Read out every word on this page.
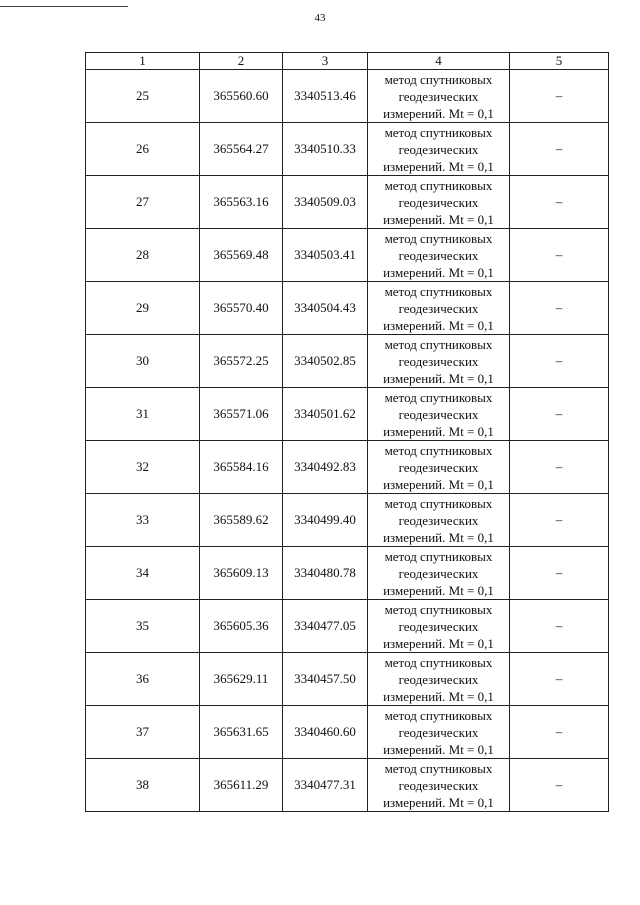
43
1	2	3	4	5
25	365560.60	3340513.46	метод спутниковых
геодезических
измерений. Mt = 0,1	–
26	365564.27	3340510.33	метод спутниковых
геодезических
измерений. Mt = 0,1	–
27	365563.16	3340509.03	метод спутниковых
геодезических
измерений. Mt = 0,1	–
28	365569.48	3340503.41	метод спутниковых
геодезических
измерений. Mt = 0,1	–
29	365570.40	3340504.43	метод спутниковых
геодезических
измерений. Mt = 0,1	–
30	365572.25	3340502.85	метод спутниковых
геодезических
измерений. Mt = 0,1	–
31	365571.06	3340501.62	метод спутниковых
геодезических
измерений. Mt = 0,1	–
32	365584.16	3340492.83	метод спутниковых
геодезических
измерений. Mt = 0,1	–
33	365589.62	3340499.40	метод спутниковых
геодезических
измерений. Mt = 0,1	–
34	365609.13	3340480.78	метод спутниковых
геодезических
измерений. Mt = 0,1	–
35	365605.36	3340477.05	метод спутниковых
геодезических
измерений. Mt = 0,1	–
36	365629.11	3340457.50	метод спутниковых
геодезических
измерений. Mt = 0,1	–
37	365631.65	3340460.60	метод спутниковых
геодезических
измерений. Mt = 0,1	–
38	365611.29	3340477.31	метод спутниковых
геодезических
измерений. Mt = 0,1	–
